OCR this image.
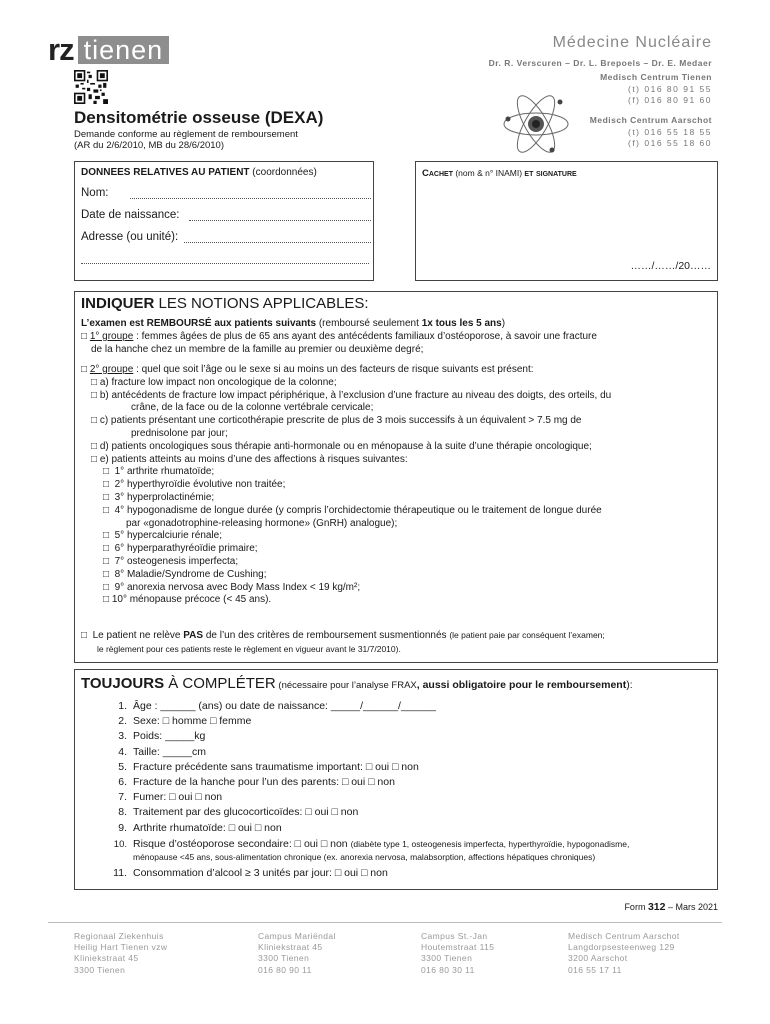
rz tienen
Densitométrie osseuse (DEXA)
Demande conforme au règlement de remboursement
(AR du 2/6/2010, MB du 28/6/2010)
Médecine Nucléaire
Dr. R. Verscuren – Dr. L. Brepoels – Dr. E. Medaer
Medisch Centrum Tienen
(t) 016 80 91 55
(f) 016 80 91 60
Medisch Centrum Aarschot
(t) 016 55 18 55
(f) 016 55 18 60
DONNEES RELATIVES AU PATIENT (coordonnées)
Nom:
Date de naissance:
Adresse (ou unité):
Cachet (nom & n° INAMI) et signature
……/……/20……
INDIQUER LES NOTIONS APPLICABLES:
L’examen est REMBOURSÉ aux patients suivants (remboursé seulement 1x tous les 5 ans)
□ 1° groupe : femmes âgées de plus de 65 ans ayant des antécédents familiaux d’ostéoporose, à savoir une fracture
de la hanche chez un membre de la famille au premier ou deuxième degré;
□ 2° groupe : quel que soit l’âge ou le sexe si au moins un des facteurs de risque suivants est présent:
□ a) fracture low impact non oncologique de la colonne;
□ b) antécédents de fracture low impact périphérique, à l’exclusion d’une fracture au niveau des doigts, des orteils, du
crâne, de la face ou de la colonne vertébrale cervicale;
□ c) patients présentant une corticothérapie prescrite de plus de 3 mois successifs à un équivalent > 7.5 mg de
prednisolone par jour;
□ d) patients oncologiques sous thérapie anti-hormonale ou en ménopause à la suite d’une thérapie oncologique;
□ e) patients atteints au moins d’une des affections à risques suivantes:
□  1° arthrite rhumatoïde;
□  2° hyperthyroïdie évolutive non traitée;
□  3° hyperprolactinémie;
□  4° hypogonadisme de longue durée (y compris l’orchidectomie thérapeutique ou le traitement de longue durée
par «gonadotrophine-releasing hormone» (GnRH) analogue);
□  5° hypercalciurie rénale;
□  6° hyperparathyréoïdie primaire;
□  7° osteogenesis imperfecta;
□  8° Maladie/Syndrome de Cushing;
□  9° anorexia nervosa avec Body Mass Index < 19 kg/m²;
□ 10° ménopause précoce (< 45 ans).
□  Le patient ne relève PAS de l’un des critères de remboursement susmentionnés (le patient paie par conséquent l’examen;
le règlement pour ces patients reste le règlement en vigueur avant le 31/7/2010).
TOUJOURS À COMPLÉTER (nécessaire pour l’analyse FRAX, aussi obligatoire pour le remboursement):
1. Âge : ______ (ans) ou date de naissance: _____/______/______
2. Sexe: □ homme □ femme
3. Poids: _____kg
4. Taille: _____cm
5. Fracture précédente sans traumatisme important: □ oui □ non
6. Fracture de la hanche pour l’un des parents: □ oui □ non
7. Fumer: □ oui □ non
8. Traitement par des glucocorticoïdes: □ oui □ non
9. Arthrite rhumatoïde: □ oui □ non
10. Risque d’ostéoporose secondaire: □ oui □ non (diabète type 1, osteogenesis imperfecta, hyperthyroïdie, hypogonadisme,
ménopause <45 ans, sous-alimentation chronique (ex. anorexia nervosa, malabsorption, affections hépatiques chroniques)
11. Consommation d’alcool ≥ 3 unités par jour: □ oui □ non
Form 312 – Mars 2021
Regionaal Ziekenhuis
Heilig Hart Tienen vzw
Kliniekstraat 45
3300 Tienen
Campus Mariëndal
Kliniekstraat 45
3300 Tienen
016 80 90 11
Campus St.-Jan
Houtemstraat 115
3300 Tienen
016 80 30 11
Medisch Centrum Aarschot
Langdorpsesteenweg 129
3200 Aarschot
016 55 17 11
